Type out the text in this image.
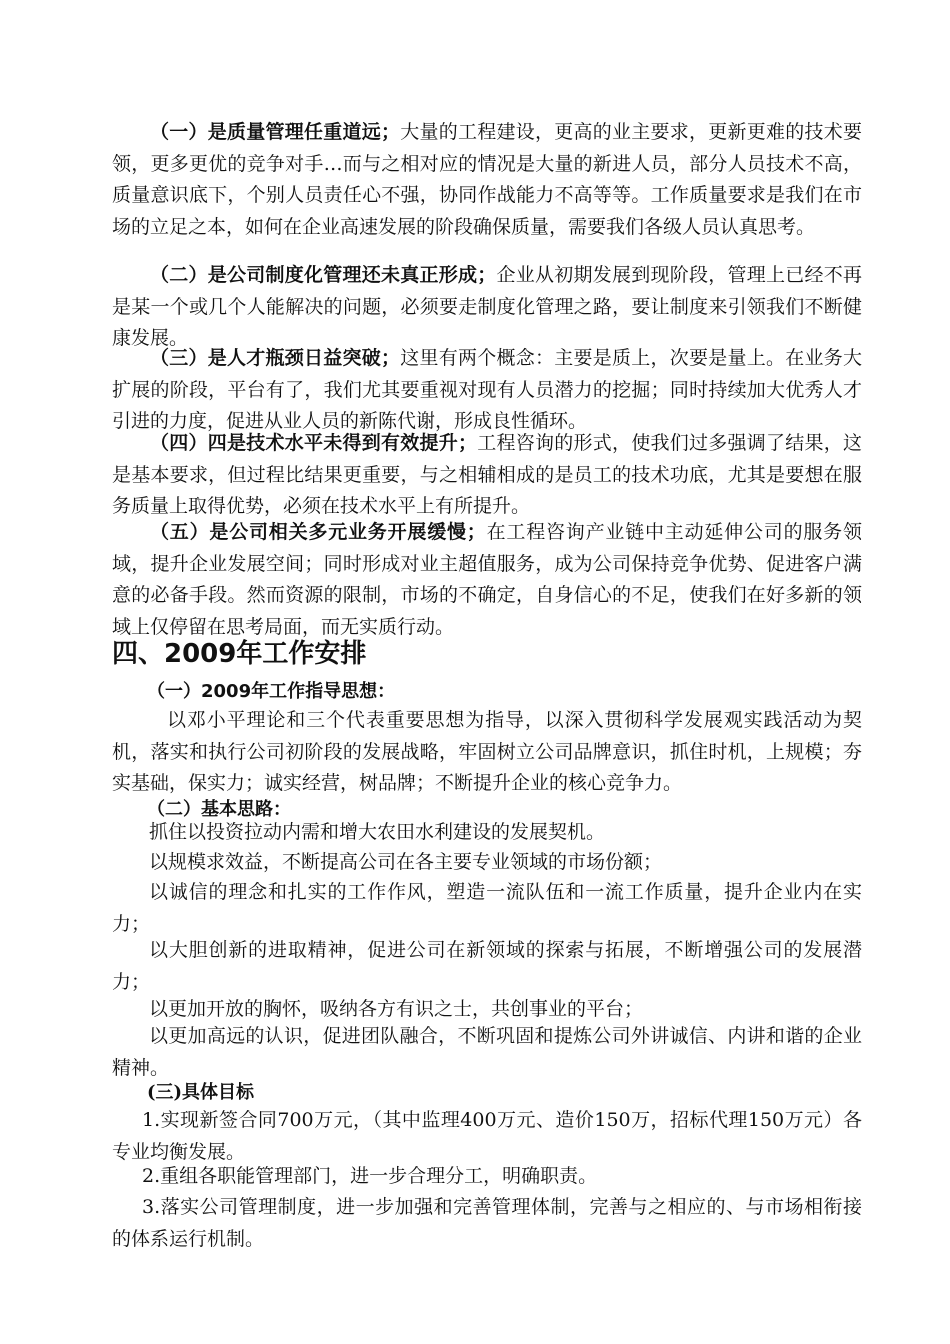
（一）是质量管理任重道远；大量的工程建设，更高的业主要求，更新更难的技术要领，更多更优的竞争对手…而与之相对应的情况是大量的新进人员，部分人员技术不高，质量意识底下，个别人员责任心不强，协同作战能力不高等等。工作质量要求是我们在市场的立足之本，如何在企业高速发展的阶段确保质量，需要我们各级人员认真思考。

（二）是公司制度化管理还未真正形成；企业从初期发展到现阶段，管理上已经不再是某一个或几个人能解决的问题，必须要走制度化管理之路，要让制度来引领我们不断健康发展。

（三）是人才瓶颈日益突破；这里有两个概念：主要是质上，次要是量上。在业务大扩展的阶段，平台有了，我们尤其要重视对现有人员潜力的挖掘；同时持续加大优秀人才引进的力度，促进从业人员的新陈代谢，形成良性循环。

（四）四是技术水平未得到有效提升；工程咨询的形式，使我们过多强调了结果，这是基本要求，但过程比结果更重要，与之相辅相成的是员工的技术功底，尤其是要想在服务质量上取得优势，必须在技术水平上有所提升。

（五）是公司相关多元业务开展缓慢；在工程咨询产业链中主动延伸公司的服务领域，提升企业发展空间；同时形成对业主超值服务，成为公司保持竞争优势、促进客户满意的必备手段。然而资源的限制，市场的不确定，自身信心的不足，使我们在好多新的领域上仅停留在思考局面，而无实质行动。

四、2009年工作安排
（一）2009年工作指导思想：

以邓小平理论和三个代表重要思想为指导，以深入贯彻科学发展观实践活动为契机，落实和执行公司初阶段的发展战略，牢固树立公司品牌意识，抓住时机，上规模；夯实基础，保实力；诚实经营，树品牌；不断提升企业的核心竞争力。

（二）基本思路：

抓住以投资拉动内需和增大农田水利建设的发展契机。

以规模求效益，不断提高公司在各主要专业领域的市场份额；

以诚信的理念和扎实的工作作风，塑造一流队伍和一流工作质量，提升企业内在实力；

以大胆创新的进取精神，促进公司在新领域的探索与拓展，不断增强公司的发展潜力；

以更加开放的胸怀，吸纳各方有识之士，共创事业的平台；

以更加高远的认识，促进团队融合，不断巩固和提炼公司外讲诚信、内讲和谐的企业精神。

(三)具体目标

1.实现新签合同700万元，（其中监理400万元、造价150万，招标代理150万元）各专业均衡发展。

2.重组各职能管理部门，进一步合理分工，明确职责。

3.落实公司管理制度，进一步加强和完善管理体制，完善与之相应的、与市场相衔接的体系运行机制。
